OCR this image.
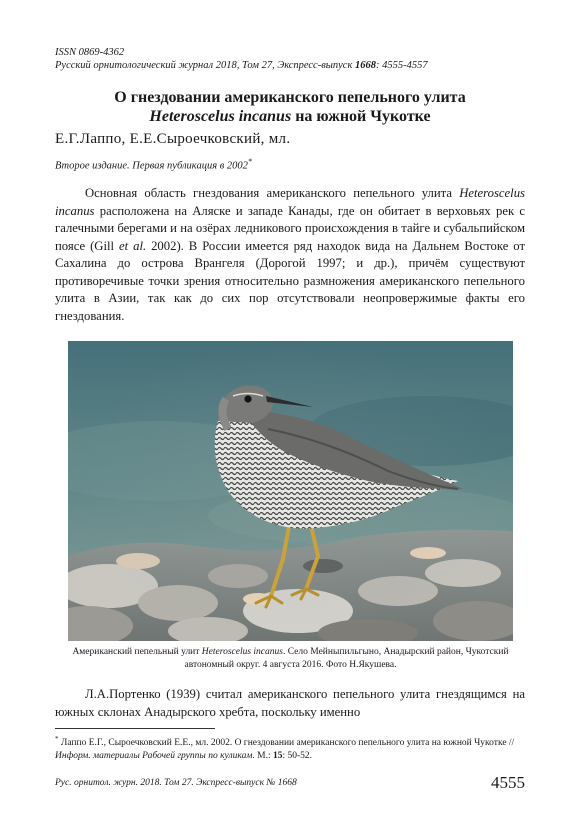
ISSN 0869-4362
Русский орнитологический журнал 2018, Том 27, Экспресс-выпуск 1668: 4555-4557
О гнездовании американского пепельного улита
Heteroscelus incanus на южной Чукотке
Е.Г.Лаппо, Е.Е.Сыроечковский, мл.
Второе издание. Первая публикация в 2002*
Основная область гнездования американского пепельного улита Heteroscelus incanus расположена на Аляске и западе Канады, где он обитает в верховьях рек с галечными берегами и на озёрах ледникового происхождения в тайге и субальпийском поясе (Gill et al. 2002). В России имеется ряд находок вида на Дальнем Востоке от Сахалина до острова Врангеля (Дорогой 1997; и др.), причём существуют противоречивые точки зрения относительно размножения американского пепельного улита в Азии, так как до сих пор отсутствовали неопровержимые факты его гнездования.
Американский пепельный улит Heteroscelus incanus. Село Мейныпильгыно, Анадырский район, Чукотский автономный округ. 4 августа 2016. Фото Н.Якушева.
Л.А.Портенко (1939) считал американского пепельного улита гнездящимся на южных склонах Анадырского хребта, поскольку именно
* Лаппо Е.Г., Сыроечковский Е.Е., мл. 2002. О гнездовании американского пепельного улита на южной Чукотке // Информ. материалы Рабочей группы по куликам. М.: 15: 50-52.
Рус. орнитол. журн. 2018. Том 27. Экспресс-выпуск № 1668	4555
